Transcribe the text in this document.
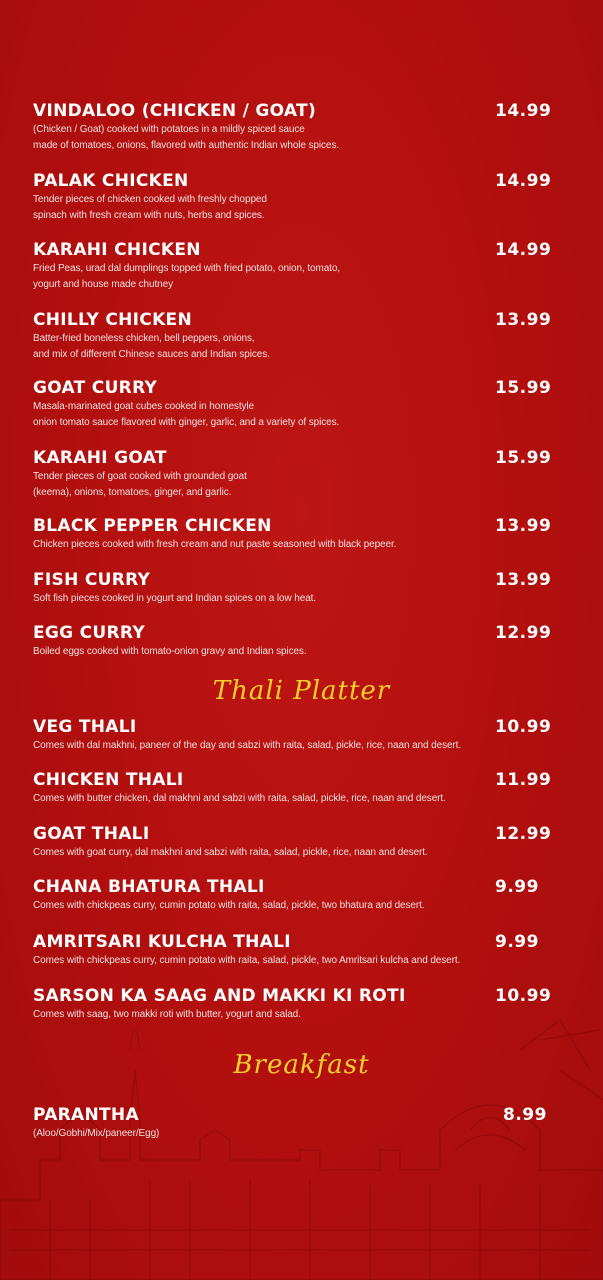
VINDALOO (CHICKEN / GOAT)
(Chicken / Goat) cooked with potatoes in a mildly spiced sauce
made of tomatoes, onions, flavored with authentic Indian whole spices.
14.99
PALAK CHICKEN
Tender pieces of chicken cooked with freshly chopped
spinach with fresh cream with nuts, herbs and spices.
14.99
KARAHI CHICKEN
Fried Peas, urad dal dumplings topped with fried potato, onion, tomato,
yogurt and house made chutney
14.99
CHILLY CHICKEN
Batter-fried boneless chicken, bell peppers, onions,
and mix of different Chinese sauces and Indian spices.
13.99
GOAT CURRY
Masala-marinated goat cubes cooked in homestyle
onion tomato sauce flavored with ginger, garlic, and a variety of spices.
15.99
KARAHI GOAT
Tender pieces of goat cooked with grounded goat
(keema), onions, tomatoes, ginger, and garlic.
15.99
BLACK PEPPER CHICKEN
Chicken pieces cooked with fresh cream and nut paste seasoned with black pepeer.
13.99
FISH CURRY
Soft fish pieces cooked in yogurt and Indian spices on a low heat.
13.99
EGG CURRY
Boiled eggs cooked with tomato-onion gravy and Indian spices.
12.99
VEG THALI
Comes with dal makhni, paneer of the day and sabzi with raita, salad, pickle, rice, naan and desert.
10.99
CHICKEN THALI
Comes with butter chicken, dal makhni and sabzi with raita, salad, pickle, rice, naan and desert.
11.99
GOAT THALI
Comes with goat curry, dal makhni and sabzi with raita, salad, pickle, rice, naan and desert.
12.99
CHANA BHATURA THALI
Comes with chickpeas curry, cumin potato with raita, salad, pickle, two bhatura and desert.
9.99
AMRITSARI KULCHA THALI
Comes with chickpeas curry, cumin potato with raita, salad, pickle, two Amritsari kulcha and desert.
9.99
SARSON KA SAAG AND MAKKI KI ROTI
Comes with saag, two makki roti with butter, yogurt and salad.
10.99
PARANTHA
(Aloo/Gobhi/Mix/paneer/Egg)
8.99
Thali Platter
Breakfast
